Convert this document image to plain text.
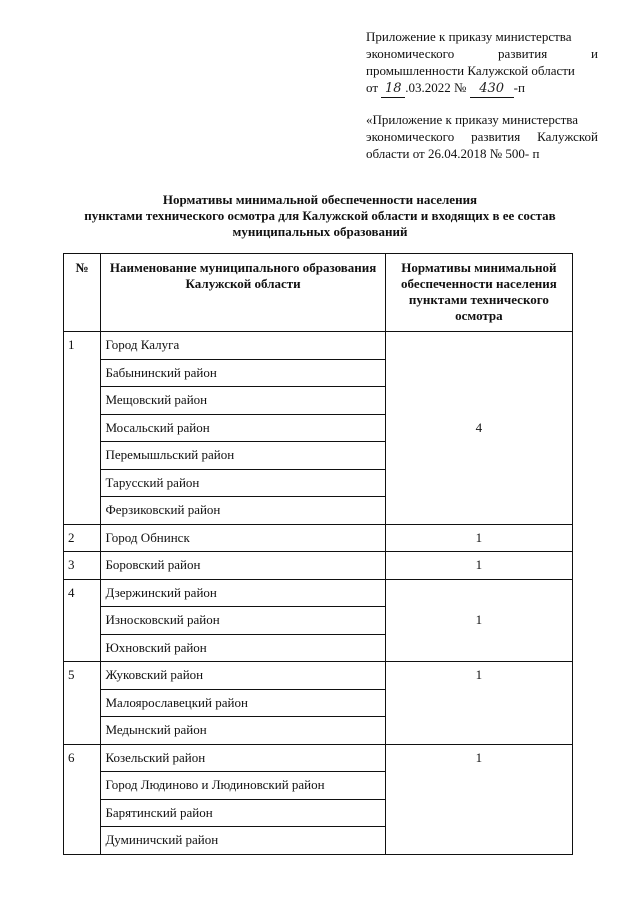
Приложение к приказу министерства
экономического развития и
промышленности Калужской области
от 18 .03.2022 № 430 -п
«Приложение к приказу министерства
экономического развития Калужской
области от 26.04.2018 № 500- п
Нормативы минимальной обеспеченности населения
пунктами технического осмотра для Калужской области и входящих в ее состав
муниципальных образований
№	Наименование муниципального образования Калужской области	Нормативы минимальной обеспеченности населения пунктами технического осмотра
1	Город Калуга	4
	Бабынинский район	
	Мещовский район	
	Мосальский район	
	Перемышльский район	
	Тарусский район	
	Ферзиковский район	
2	Город Обнинск	1
3	Боровский район	1
4	Дзержинский район	1
	Износковский район	
	Юхновский район	
5	Жуковский район	1
	Малоярославецкий район	
	Медынский район	
6	Козельский район	1
	Город Людиново и Людиновский район	
	Барятинский район	
	Думиничский район	
